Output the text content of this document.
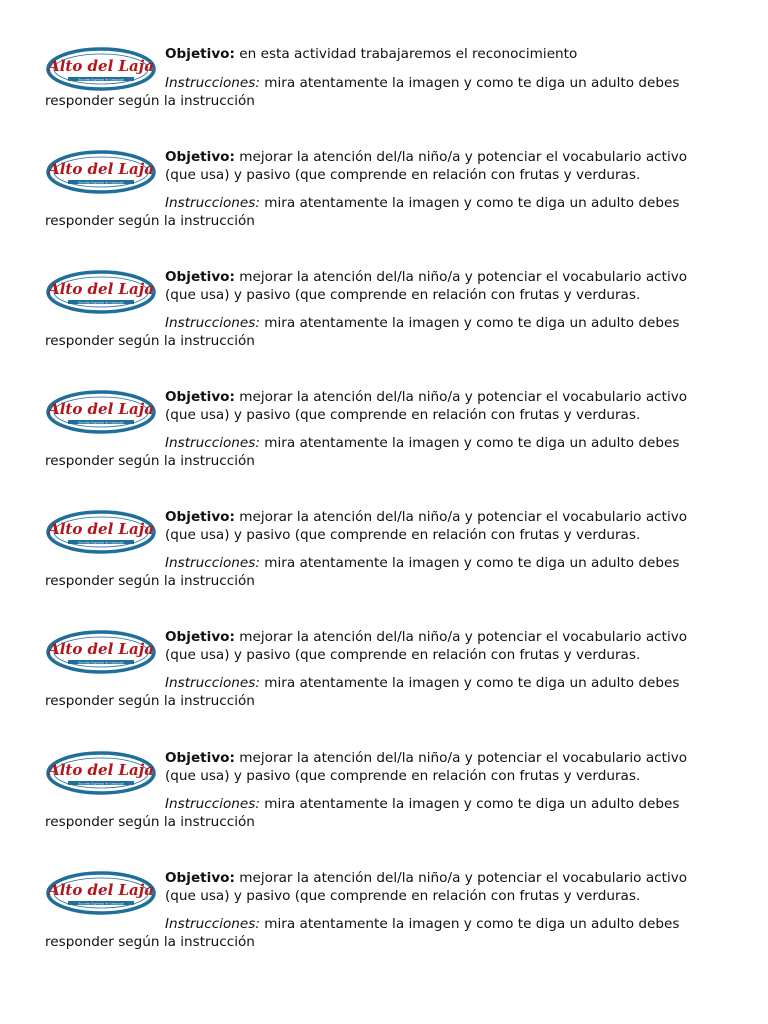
Alto del Laja
Escuela Especial de Lenguaje
Objetivo: en esta actividad trabajaremos el reconocimiento
Instrucciones: mira atentamente la imagen y como te diga un adulto debes responder según la instrucción
Alto del Laja
Escuela Especial de Lenguaje
Objetivo: mejorar la atención del/la niño/a y potenciar el vocabulario activo (que usa) y pasivo (que comprende en relación con frutas y verduras.
Instrucciones: mira atentamente la imagen y como te diga un adulto debes responder según la instrucción
Alto del Laja
Escuela Especial de Lenguaje
Objetivo: mejorar la atención del/la niño/a y potenciar el vocabulario activo (que usa) y pasivo (que comprende en relación con frutas y verduras.
Instrucciones: mira atentamente la imagen y como te diga un adulto debes responder según la instrucción
Alto del Laja
Escuela Especial de Lenguaje
Objetivo: mejorar la atención del/la niño/a y potenciar el vocabulario activo (que usa) y pasivo (que comprende en relación con frutas y verduras.
Instrucciones: mira atentamente la imagen y como te diga un adulto debes responder según la instrucción
Alto del Laja
Escuela Especial de Lenguaje
Objetivo: mejorar la atención del/la niño/a y potenciar el vocabulario activo (que usa) y pasivo (que comprende en relación con frutas y verduras.
Instrucciones: mira atentamente la imagen y como te diga un adulto debes responder según la instrucción
Alto del Laja
Escuela Especial de Lenguaje
Objetivo: mejorar la atención del/la niño/a y potenciar el vocabulario activo (que usa) y pasivo (que comprende en relación con frutas y verduras.
Instrucciones: mira atentamente la imagen y como te diga un adulto debes responder según la instrucción
Alto del Laja
Escuela Especial de Lenguaje
Objetivo: mejorar la atención del/la niño/a y potenciar el vocabulario activo (que usa) y pasivo (que comprende en relación con frutas y verduras.
Instrucciones: mira atentamente la imagen y como te diga un adulto debes responder según la instrucción
Alto del Laja
Escuela Especial de Lenguaje
Objetivo: mejorar la atención del/la niño/a y potenciar el vocabulario activo (que usa) y pasivo (que comprende en relación con frutas y verduras.
Instrucciones: mira atentamente la imagen y como te diga un adulto debes responder según la instrucción
